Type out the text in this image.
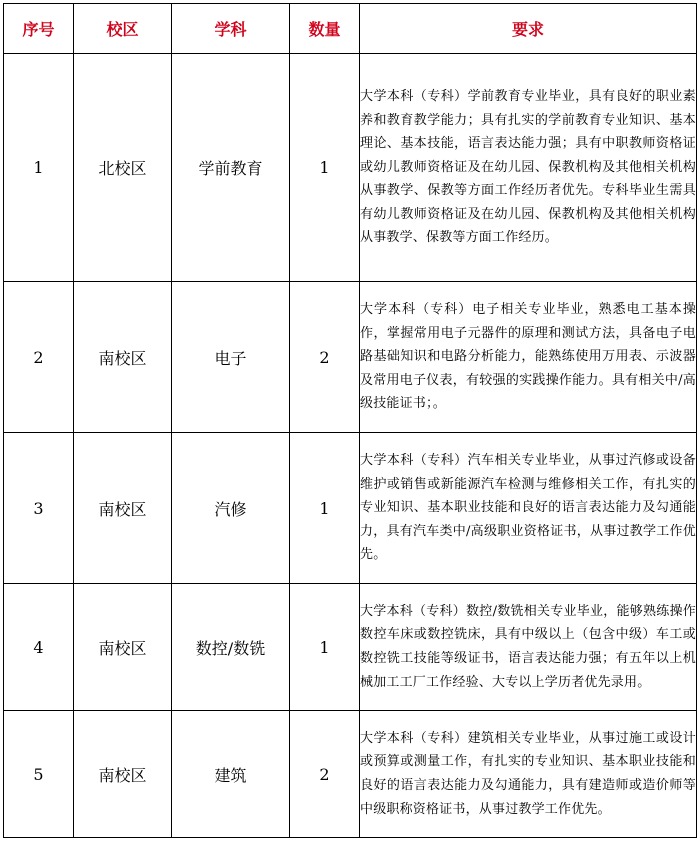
序号	校区	学科	数量	要求
1	北校区	学前教育	1	大学本科（专科）学前教育专业毕业，具有良好的职业素养和教育教学能力；具有扎实的学前教育专业知识、基本理论、基本技能，语言表达能力强；具有中职教师资格证或幼儿教师资格证及在幼儿园、保教机构及其他相关机构从事教学、保教等方面工作经历者优先。专科毕业生需具有幼儿教师资格证及在幼儿园、保教机构及其他相关机构从事教学、保教等方面工作经历。
2	南校区	电子	2	大学本科（专科）电子相关专业毕业，熟悉电工基本操作，掌握常用电子元器件的原理和测试方法，具备电子电路基础知识和电路分析能力，能熟练使用万用表、示波器及常用电子仪表，有较强的实践操作能力。具有相关中/高级技能证书；。
3	南校区	汽修	1	大学本科（专科）汽车相关专业毕业，从事过汽修或设备维护或销售或新能源汽车检测与维修相关工作，有扎实的专业知识、基本职业技能和良好的语言表达能力及勾通能力，具有汽车类中/高级职业资格证书，从事过教学工作优先。
4	南校区	数控/数铣	1	大学本科（专科）数控/数铣相关专业毕业，能够熟练操作数控车床或数控铣床，具有中级以上（包含中级）车工或数控铣工技能等级证书，语言表达能力强；有五年以上机械加工工厂工作经验、大专以上学历者优先录用。
5	南校区	建筑	2	大学本科（专科）建筑相关专业毕业，从事过施工或设计或预算或测量工作，有扎实的专业知识、基本职业技能和良好的语言表达能力及勾通能力，具有建造师或造价师等中级职称资格证书，从事过教学工作优先。
